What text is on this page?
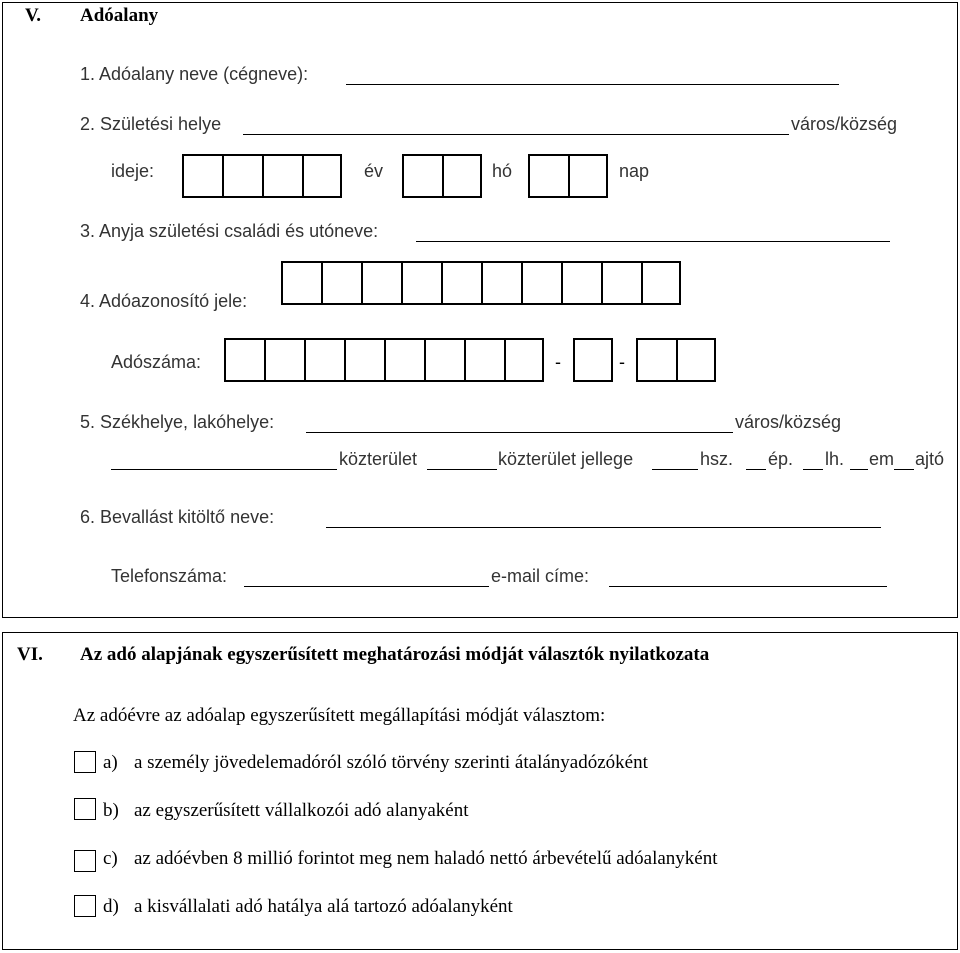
V. Adóalany
1. Adóalany neve (cégneve):
2. Születési helye	város/község
ideje:	év	hó	nap
3. Anyja születési családi és utóneve:
4. Adóazonosító jele:
Adószáma:	-	-
5. Székhelye, lakóhelye:	város/község
közterület	közterület jellege	hsz. ép. lh. em ajtó
6. Bevallást kitöltő neve:
Telefonszáma:	e-mail címe:
VI. Az adó alapjának egyszerűsített meghatározási módját választók nyilatkozata
Az adóévre az adóalap egyszerűsített megállapítási módját választom:
a) a személy jövedelemadóról szóló törvény szerinti átalányadózóként
b) az egyszerűsített vállalkozói adó alanyaként
c) az adóévben 8 millió forintot meg nem haladó nettó árbevételű adóalanyként
d) a kisvállalati adó hatálya alá tartozó adóalanyként
